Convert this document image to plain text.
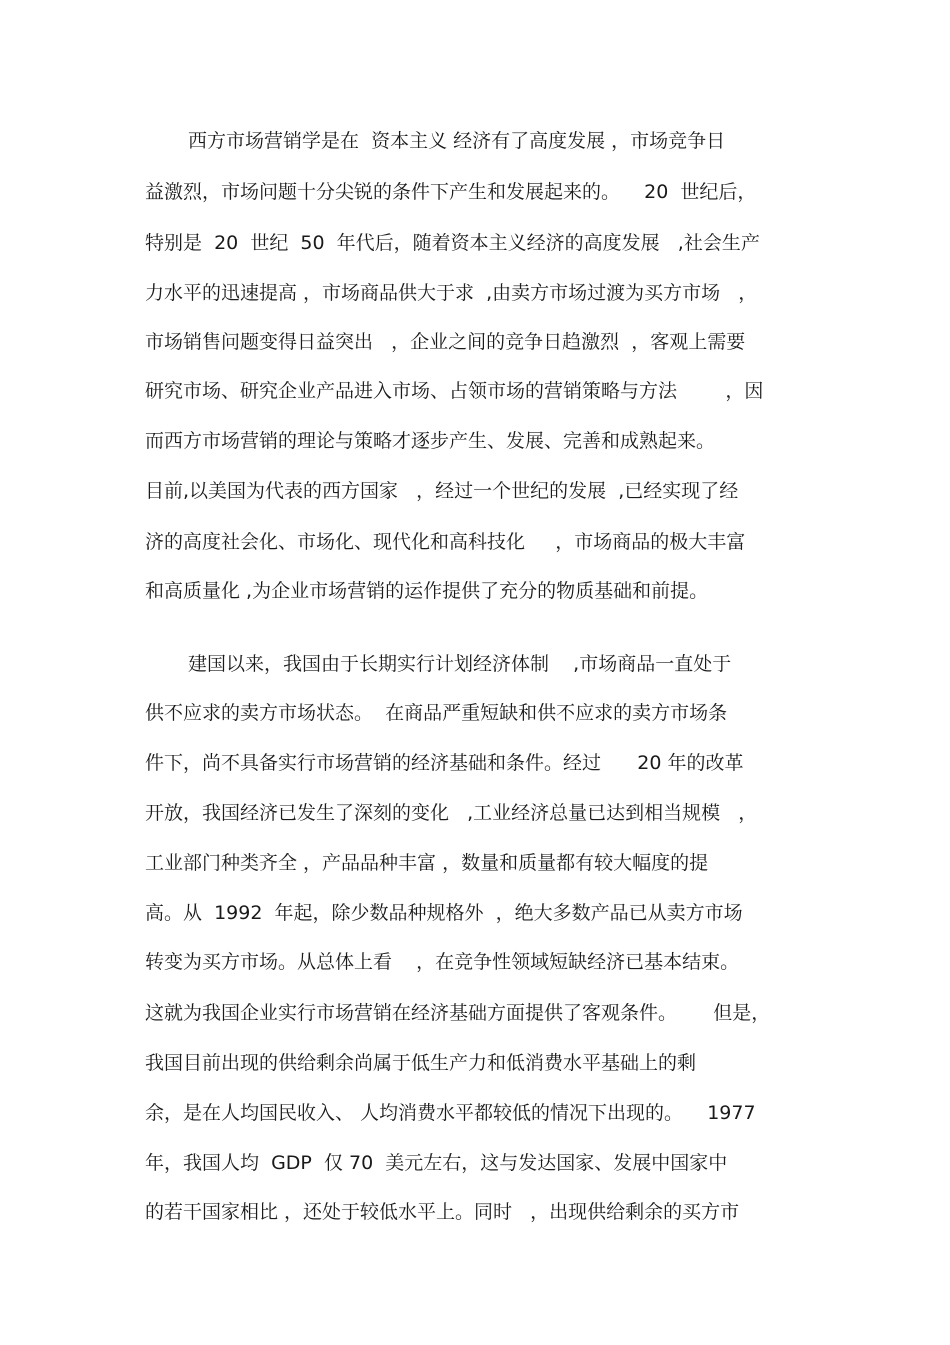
西方市场营销学是在  资本主义 经济有了高度发展 ，市场竞争日
益激烈，市场问题十分尖锐的条件下产生和发展起来的。    20  世纪后，
特别是  20  世纪  50  年代后，随着资本主义经济的高度发展   ,社会生产
力水平的迅速提高 ，市场商品供大于求  ,由卖方市场过渡为买方市场   ，
市场销售问题变得日益突出   ，企业之间的竞争日趋激烈  ，客观上需要
研究市场、研究企业产品进入市场、占领市场的营销策略与方法        ，因
而西方市场营销的理论与策略才逐步产生、发展、完善和成熟起来。
目前,以美国为代表的西方国家   ，经过一个世纪的发展  ,已经实现了经
济的高度社会化、市场化、现代化和高科技化     ，市场商品的极大丰富
和高质量化 ,为企业市场营销的运作提供了充分的物质基础和前提。
建国以来，我国由于长期实行计划经济体制    ,市场商品一直处于
供不应求的卖方市场状态。  在商品严重短缺和供不应求的卖方市场条
件下，尚不具备实行市场营销的经济基础和条件。经过      20 年的改革
开放，我国经济已发生了深刻的变化   ,工业经济总量已达到相当规模   ，
工业部门种类齐全 ，产品品种丰富 ，数量和质量都有较大幅度的提
高。从  1992  年起，除少数品种规格外  ，绝大多数产品已从卖方市场
转变为买方市场。从总体上看    ，在竞争性领域短缺经济已基本结束。
这就为我国企业实行市场营销在经济基础方面提供了客观条件。      但是，
我国目前出现的供给剩余尚属于低生产力和低消费水平基础上的剩
余，是在人均国民收入、 人均消费水平都较低的情况下出现的。    1977
年，我国人均  GDP  仅 70  美元左右，这与发达国家、发展中国家中
的若干国家相比 ，还处于较低水平上。同时   ，出现供给剩余的买方市
